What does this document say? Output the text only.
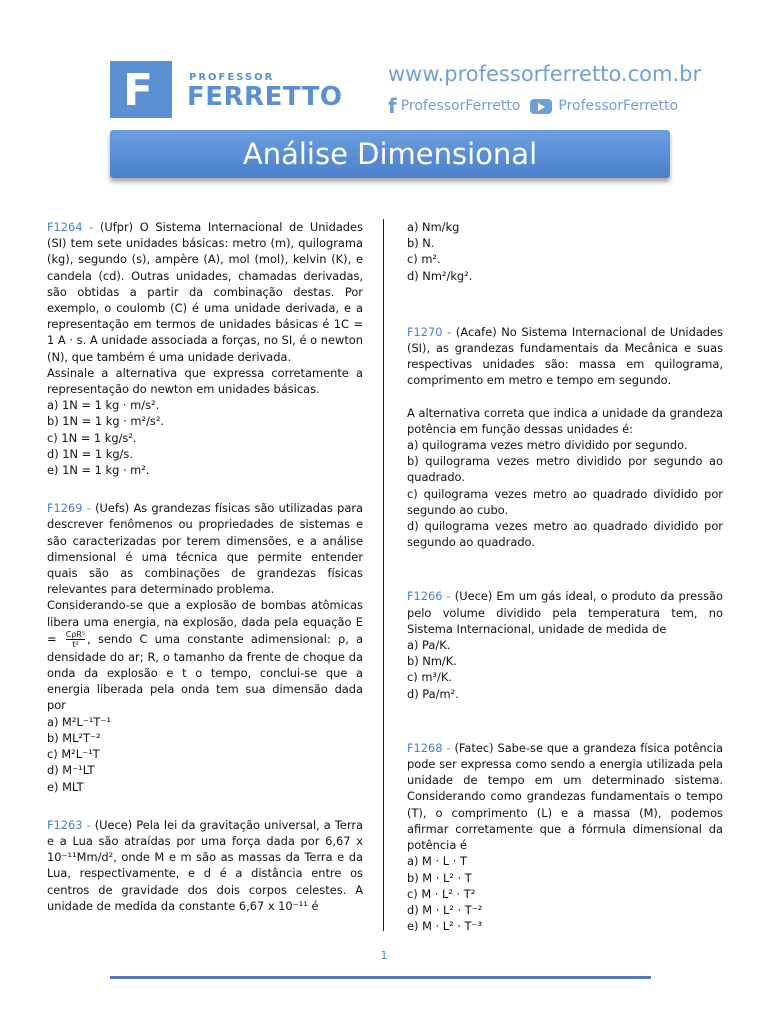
F	PROFESSOR
FERRETTO
www.professorferretto.com.br
f ProfessorFerretto	ProfessorFerretto
Análise Dimensional
F1264 - (Ufpr) O Sistema Internacional de Unidades (SI) tem sete unidades básicas: metro (m), quilograma (kg), segundo (s), ampère (A), mol (mol), kelvin (K), e candela (cd). Outras unidades, chamadas derivadas, são obtidas a partir da combinação destas. Por exemplo, o coulomb (C) é uma unidade derivada, e a representação em termos de unidades básicas é 1C = 1 A · s. A unidade associada a forças, no SI, é o newton (N), que também é uma unidade derivada.
Assinale a alternativa que expressa corretamente a representação do newton em unidades básicas.
a) 1N = 1 kg · m/s².
b) 1N = 1 kg · m²/s².
c) 1N = 1 kg/s².
d) 1N = 1 kg/s.
e) 1N = 1 kg · m².
F1269 - (Uefs) As grandezas físicas são utilizadas para descrever fenômenos ou propriedades de sistemas e são caracterizadas por terem dimensões, e a análise dimensional é uma técnica que permite entender quais são as combinações de grandezas físicas relevantes para determinado problema.
Considerando-se que a explosão de bombas atômicas libera uma energia, na explosão, dada pela equação $E = \frac{\text{CρR⁵}}{\text{t²}}$ , sendo C uma constante adimensional: ρ, a densidade do ar; R, o tamanho da frente de choque da onda da explosão e t o tempo, conclui-se que a energia liberada pela onda tem sua dimensão dada por
a) M²L⁻¹T⁻¹
b) ML²T⁻²
c) M²L⁻¹T
d) M⁻¹LT
e) MLT
F1263 - (Uece) Pela lei da gravitação universal, a Terra e a Lua são atraídas por uma força dada por 6,67 x 10⁻¹¹Mm/d², onde M e m são as massas da Terra e da Lua, respectivamente, e d é a distância entre os centros de gravidade dos dois corpos celestes. A unidade de medida da constante 6,67 x 10⁻¹¹ é
a) Nm/kg
b) N.
c) m².
d) Nm²/kg².
F1270 - (Acafe) No Sistema Internacional de Unidades (SI), as grandezas fundamentais da Mecânica e suas respectivas unidades são: massa em quilograma, comprimento em metro e tempo em segundo.
A alternativa correta que indica a unidade da grandeza potência em função dessas unidades é:
a) quilograma vezes metro dividido por segundo.
b) quilograma vezes metro dividido por segundo ao quadrado.
c) quilograma vezes metro ao quadrado dividido por segundo ao cubo.
d) quilograma vezes metro ao quadrado dividido por segundo ao quadrado.
F1266 - (Uece) Em um gás ideal, o produto da pressão pelo volume dividido pela temperatura tem, no Sistema Internacional, unidade de medida de
a) Pa/K.
b) Nm/K.
c) m³/K.
d) Pa/m².
F1268 - (Fatec) Sabe-se que a grandeza física potência pode ser expressa como sendo a energia utilizada pela unidade de tempo em um determinado sistema. Considerando como grandezas fundamentais o tempo (T), o comprimento (L) e a massa (M), podemos afirmar corretamente que a fórmula dimensional da potência é
a) M · L · T
b) M · L² · T
c) M · L² · T²
d) M · L² · T⁻²
e) M · L² · T⁻³
1
